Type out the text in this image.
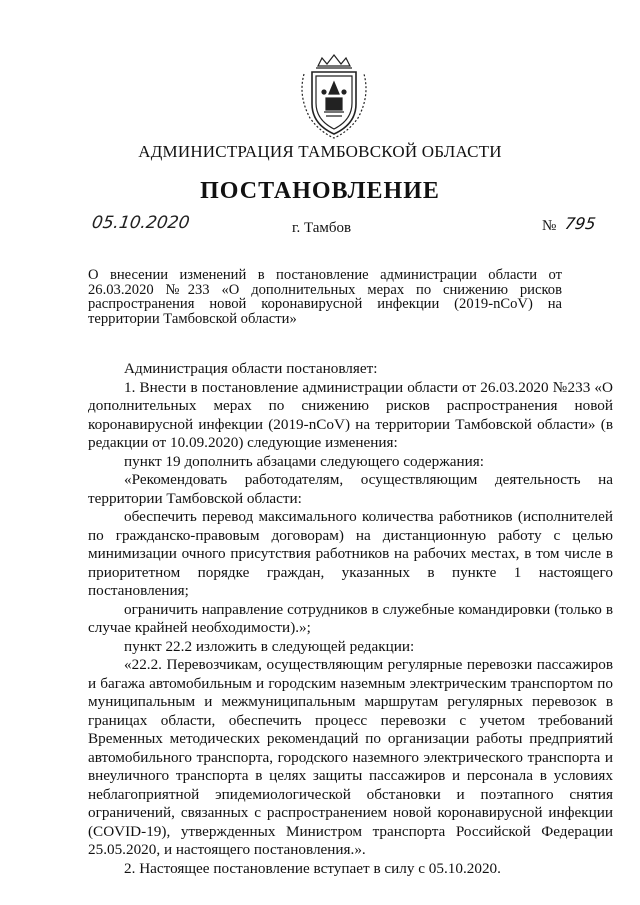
АДМИНИСТРАЦИЯ ТАМБОВСКОЙ ОБЛАСТИ
ПОСТАНОВЛЕНИЕ
05.10.2020	г. Тамбов	№ 795
О внесении изменений в постановление администрации области от 26.03.2020 №233 «О дополнительных мерах по снижению рисков распространения новой коронавирусной инфекции (2019-nCoV) на территории Тамбовской области»

Администрация области постановляет:

1. Внести в постановление администрации области от 26.03.2020 №233 «О дополнительных мерах по снижению рисков распространения новой коронавирусной инфекции (2019-nCoV) на территории Тамбовской области» (в редакции от 10.09.2020) следующие изменения:

пункт 19 дополнить абзацами следующего содержания:

«Рекомендовать работодателям, осуществляющим деятельность на территории Тамбовской области:

обеспечить перевод максимального количества работников (исполнителей по гражданско-правовым договорам) на дистанционную работу с целью минимизации очного присутствия работников на рабочих местах, в том числе в приоритетном порядке граждан, указанных в пункте 1 настоящего постановления;

ограничить направление сотрудников в служебные командировки (только в случае крайней необходимости).»;

пункт 22.2 изложить в следующей редакции:

«22.2. Перевозчикам, осуществляющим регулярные перевозки пассажиров и багажа автомобильным и городским наземным электрическим транспортом по муниципальным и межмуниципальным маршрутам регулярных перевозок в границах области, обеспечить процесс перевозки с учетом требований Временных методических рекомендаций по организации работы предприятий автомобильного транспорта, городского наземного электрического транспорта и внеуличного транспорта в целях защиты пассажиров и персонала в условиях неблагоприятной эпидемиологической обстановки и поэтапного снятия ограничений, связанных с распространением новой коронавирусной инфекции (COVID-19), утвержденных Министром транспорта Российской Федерации 25.05.2020, и настоящего постановления.».

2. Настоящее постановление вступает в силу с 05.10.2020.
